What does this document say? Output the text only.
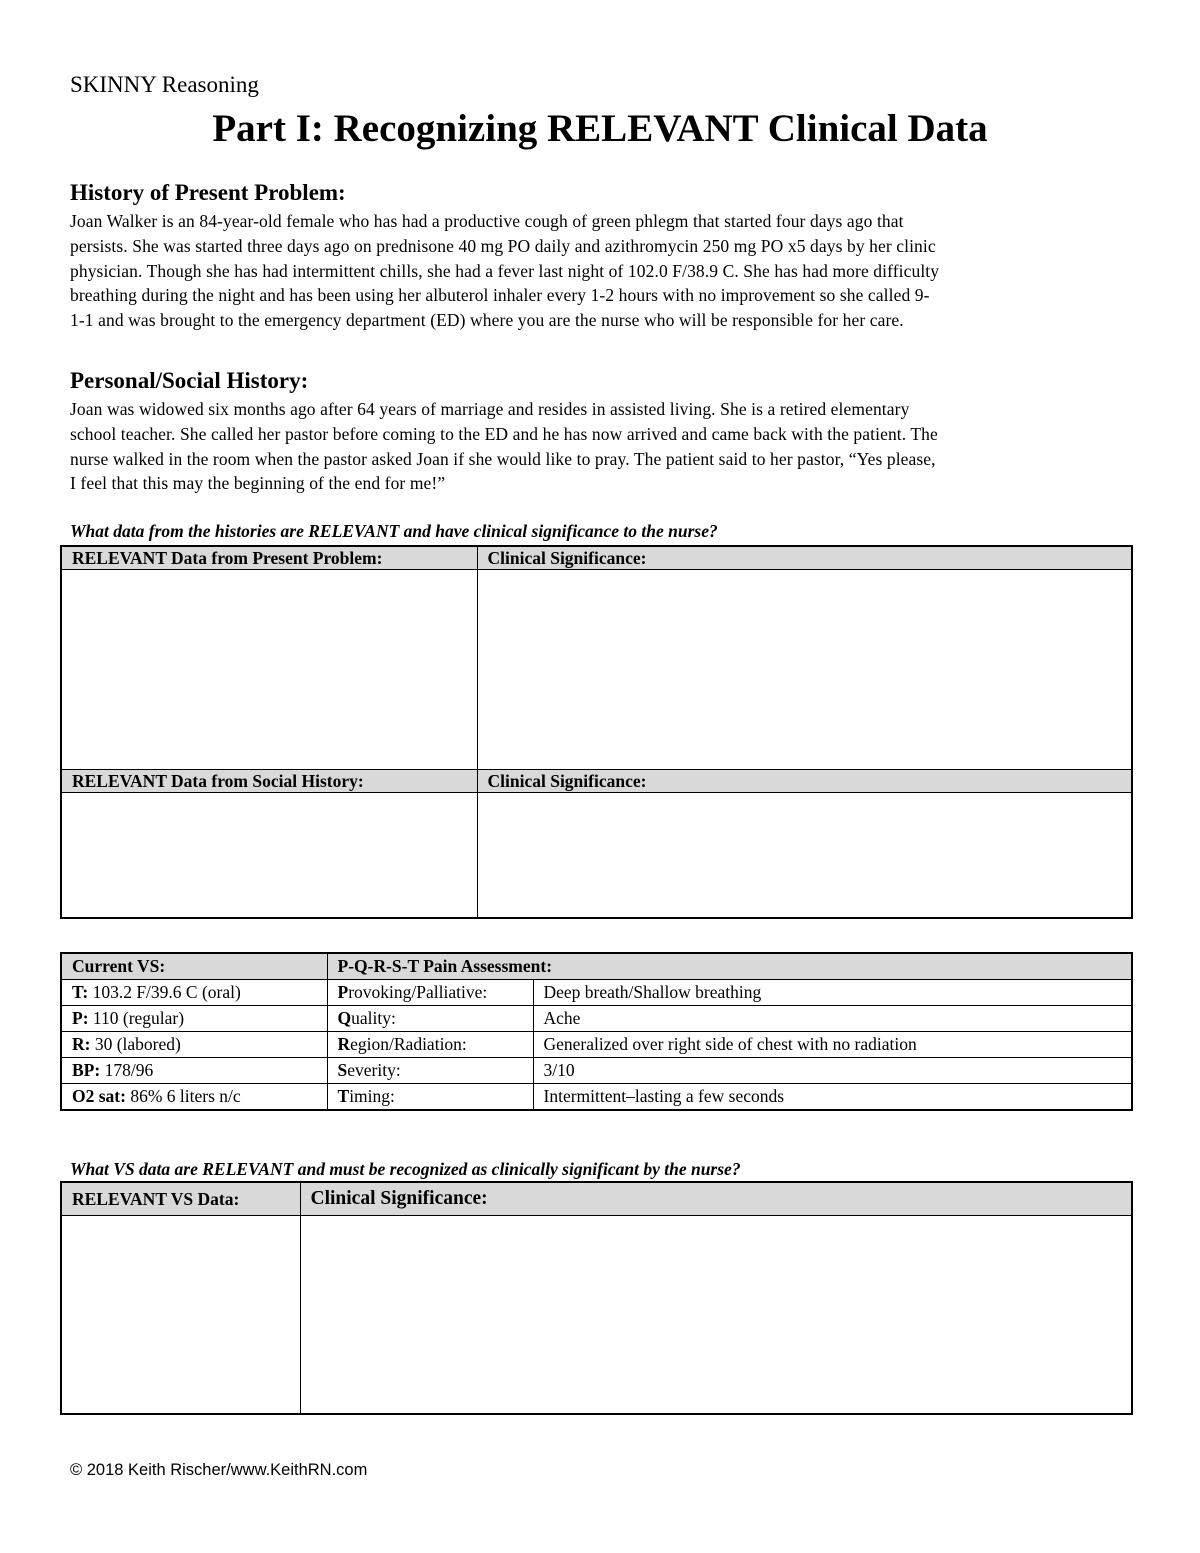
SKINNY Reasoning
Part I: Recognizing RELEVANT Clinical Data
History of Present Problem:
Joan Walker is an 84-year-old female who has had a productive cough of green phlegm that started four days ago that
persists. She was started three days ago on prednisone 40 mg PO daily and azithromycin 250 mg PO x5 days by her clinic
physician. Though she has had intermittent chills, she had a fever last night of 102.0 F/38.9 C. She has had more difficulty
breathing during the night and has been using her albuterol inhaler every 1-2 hours with no improvement so she called 9-
1-1 and was brought to the emergency department (ED) where you are the nurse who will be responsible for her care.
Personal/Social History:
Joan was widowed six months ago after 64 years of marriage and resides in assisted living. She is a retired elementary
school teacher. She called her pastor before coming to the ED and he has now arrived and came back with the patient. The
nurse walked in the room when the pastor asked Joan if she would like to pray. The patient said to her pastor, “Yes please,
I feel that this may the beginning of the end for me!”
What data from the histories are RELEVANT and have clinical significance to the nurse?
RELEVANT Data from Present Problem:	Clinical Significance:

RELEVANT Data from Social History:	Clinical Significance:

Current VS:	P-Q-R-S-T Pain Assessment:	
T: 103.2 F/39.6 C (oral)	Provoking/Palliative:	Deep breath/Shallow breathing
P: 110 (regular)	Quality:	Ache
R: 30 (labored)	Region/Radiation:	Generalized over right side of chest with no radiation
BP: 178/96	Severity:	3/10
O2 sat: 86% 6 liters n/c	Timing:	Intermittent–lasting a few seconds
What VS data are RELEVANT and must be recognized as clinically significant by the nurse?
RELEVANT VS Data:	Clinical Significance:

© 2018 Keith Rischer/www.KeithRN.com
